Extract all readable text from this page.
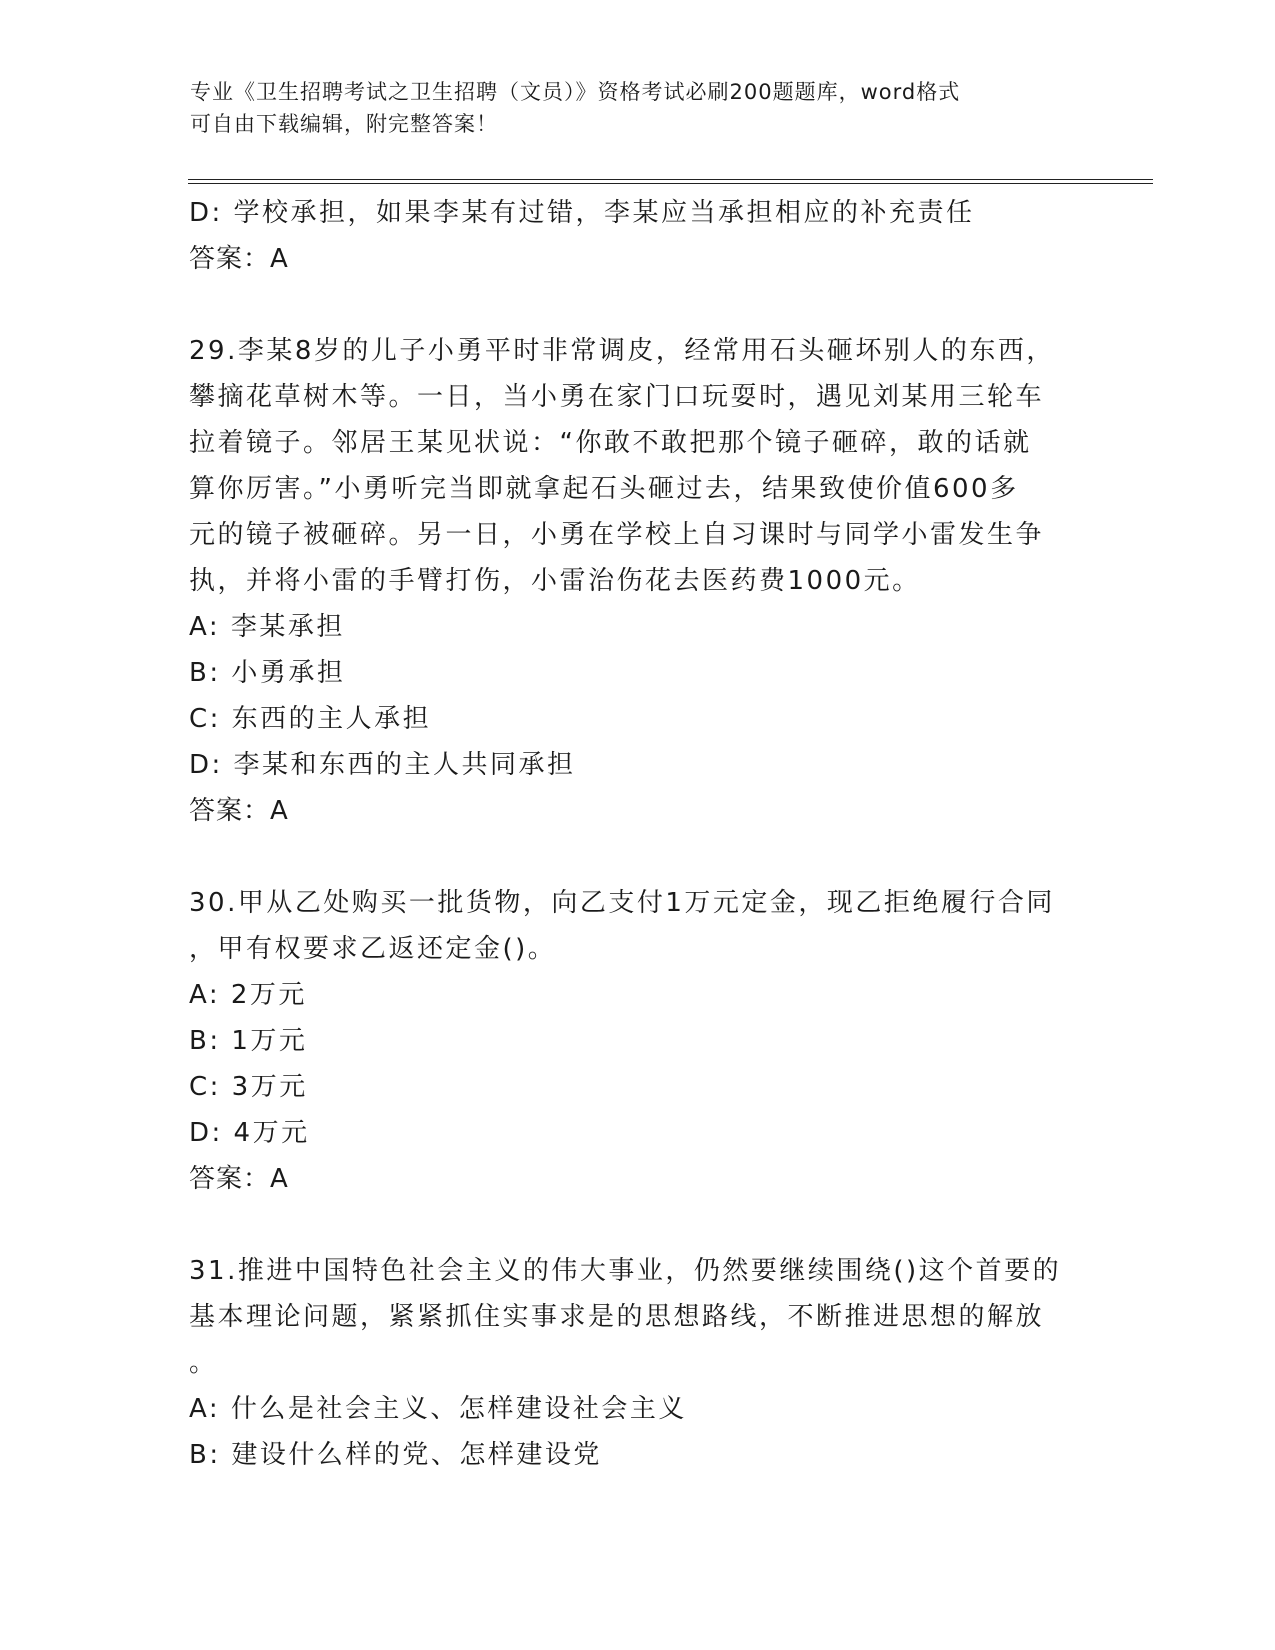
专业《卫生招聘考试之卫生招聘（文员）》资格考试必刷200题题库，word格式
可自由下载编辑，附完整答案！
D: 学校承担，如果李某有过错，李某应当承担相应的补充责任
答案：A
29.李某8岁的儿子小勇平时非常调皮，经常用石头砸坏别人的东西，
攀摘花草树木等。一日，当小勇在家门口玩耍时，遇见刘某用三轮车
拉着镜子。邻居王某见状说：“你敢不敢把那个镜子砸碎，敢的话就
算你厉害。”小勇听完当即就拿起石头砸过去，结果致使价值600多
元的镜子被砸碎。另一日，小勇在学校上自习课时与同学小雷发生争
执，并将小雷的手臂打伤，小雷治伤花去医药费1000元。
A: 李某承担
B: 小勇承担
C: 东西的主人承担
D: 李某和东西的主人共同承担
答案：A
30.甲从乙处购买一批货物，向乙支付1万元定金，现乙拒绝履行合同
，甲有权要求乙返还定金()。
A: 2万元
B: 1万元
C: 3万元
D: 4万元
答案：A
31.推进中国特色社会主义的伟大事业，仍然要继续围绕()这个首要的
基本理论问题，紧紧抓住实事求是的思想路线，不断推进思想的解放
。
A: 什么是社会主义、怎样建设社会主义
B: 建设什么样的党、怎样建设党
